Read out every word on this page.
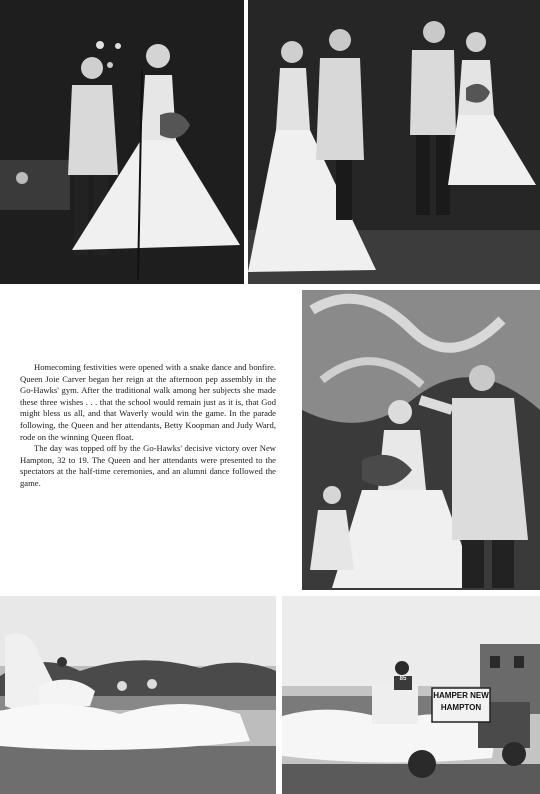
Homecoming festivities were opened with a snake dance and bonfire. Queen Joie Carver began her reign at the afternoon pep assembly in the Go-Hawks' gym. After the traditional walk among her subjects she made these three wishes . . . that the school would remain just as it is, that God might bless us all, and that Waverly would win the game. In the parade following, the Queen and her attendants, Betty Koopman and Judy Ward, rode on the winning Queen float.

The day was topped off by the Go-Hawks' decisive victory over New Hampton, 32 to 19. The Queen and her attendants were presented to the spectators at the half-time ceremonies, and an alumni dance followed the game.

HAMPER NEW HAMPTON
85
